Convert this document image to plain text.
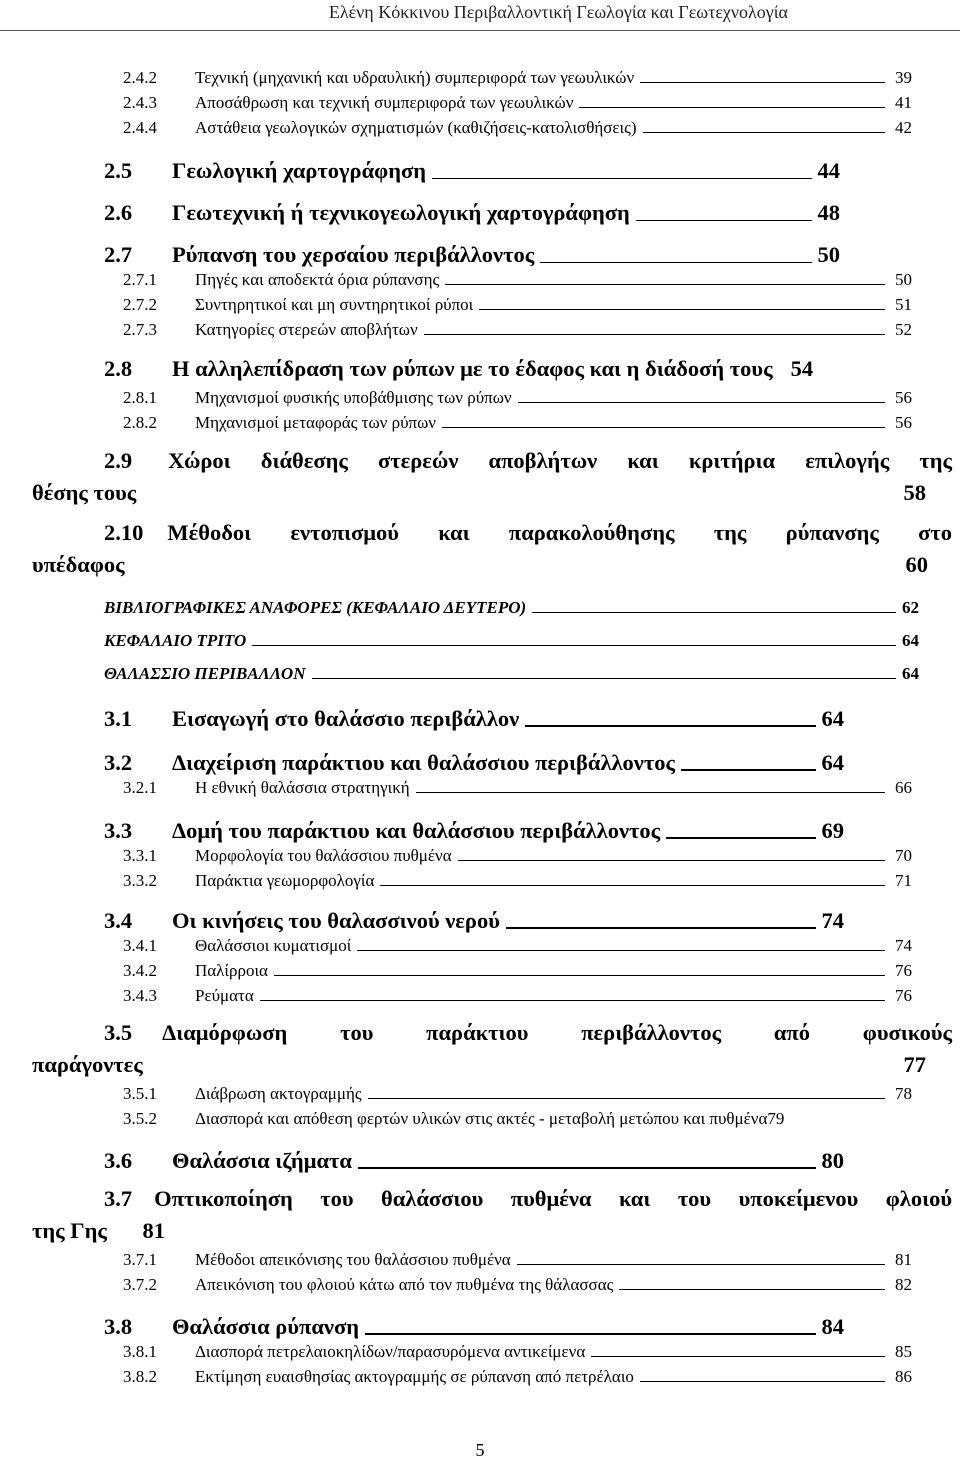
Ελένη Κόκκινου Περιβαλλοντική Γεωλογία και Γεωτεχνολογία
2.4.2	Τεχνική (μηχανική και υδραυλική) συμπεριφορά των γεωυλικών	39
2.4.3	Αποσάθρωση και τεχνική συμπεριφορά των γεωυλικών	41
2.4.4	Αστάθεια γεωλογικών σχηματισμών (καθιζήσεις-κατολισθήσεις)	42
2.5	Γεωλογική χαρτογράφηση	44
2.6	Γεωτεχνική ή τεχνικογεωλογική χαρτογράφηση	48
2.7	Ρύπανση του χερσαίου περιβάλλοντος	50
2.7.1	Πηγές και αποδεκτά όρια ρύπανσης	50
2.7.2	Συντηρητικοί και μη συντηρητικοί ρύποι	51
2.7.3	Κατηγορίες στερεών αποβλήτων	52
2.8	Η αλληλεπίδραση των ρύπων με το έδαφος και η διάδοσή τους 54
2.8.1	Μηχανισμοί φυσικής υποβάθμισης των ρύπων	56
2.8.2	Μηχανισμοί μεταφοράς των ρύπων	56
2.9 Χώροι διάθεσης στερεών αποβλήτων και κριτήρια επιλογής της
θέσης τους	58
2.10 Μέθοδοι εντοπισμού και παρακολούθησης της ρύπανσης στο
υπέδαφος	60
ΒΙΒΛΙΟΓΡΑΦΙΚΕΣ ΑΝΑΦΟΡΕΣ (ΚΕΦΑΛΑΙΟ ΔΕΥΤΕΡΟ)	62
ΚΕΦΑΛΑΙΟ ΤΡΙΤΟ	64
ΘΑΛΑΣΣΙΟ ΠΕΡΙΒΑΛΛΟΝ	64
3.1	Εισαγωγή στο θαλάσσιο περιβάλλον	64
3.2	Διαχείριση παράκτιου και θαλάσσιου περιβάλλοντος	64
3.2.1	Η εθνική θαλάσσια στρατηγική	66
3.3	Δομή του παράκτιου και θαλάσσιου περιβάλλοντος	69
3.3.1	Μορφολογία του θαλάσσιου πυθμένα	70
3.3.2	Παράκτια γεωμορφολογία	71
3.4	Οι κινήσεις του θαλασσινού νερού	74
3.4.1	Θαλάσσιοι κυματισμοί	74
3.4.2	Παλίρροια	76
3.4.3	Ρεύματα	76
3.5 Διαμόρφωση του παράκτιου περιβάλλοντος από φυσικούς
παράγοντες	77
3.5.1	Διάβρωση ακτογραμμής	78
3.5.2	Διασπορά και απόθεση φερτών υλικών στις ακτές - μεταβολή μετώπου και πυθμένα 79
3.6	Θαλάσσια ιζήματα	80
3.7 Οπτικοποίηση του θαλάσσιου πυθμένα και του υποκείμενου φλοιού
της Γης 81
3.7.1	Μέθοδοι απεικόνισης του θαλάσσιου πυθμένα	81
3.7.2	Απεικόνιση του φλοιού κάτω από τον πυθμένα της θάλασσας	82
3.8	Θαλάσσια ρύπανση	84
3.8.1	Διασπορά πετρελαιοκηλίδων/παρασυρόμενα αντικείμενα	85
3.8.2	Εκτίμηση ευαισθησίας ακτογραμμής σε ρύπανση από πετρέλαιο	86
5
